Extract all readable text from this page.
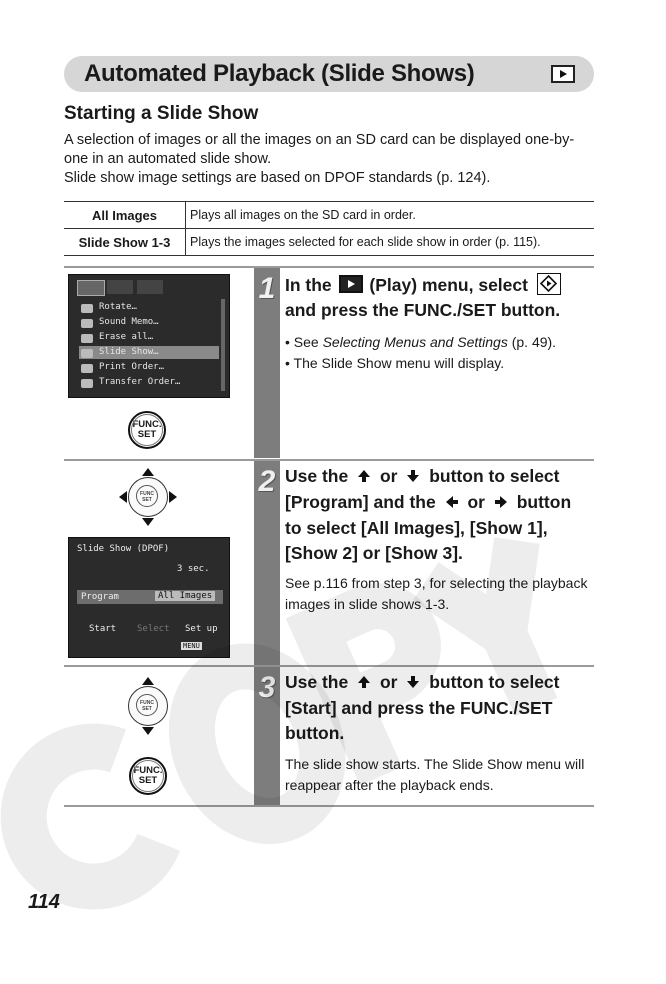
Automated Playback (Slide Shows)
Starting a Slide Show

A selection of images or all the images on an SD card can be displayed one-by-one in an automated slide show.

Slide show image settings are based on DPOF standards (p. 124).

All Images	Plays all images on the SD card in order.
Slide Show 1-3	Plays the images selected for each slide show in order (p. 115).
1
Rotate…
Sound Memo…
Erase all…
Slide Show…
Print Order…
Transfer Order…
FUNC.
SET
In the (Play) menu, select
and press the FUNC./SET button.

• See Selecting Menus and Settings (p. 49).

• The Slide Show menu will display.

2
FUNC
SET
Slide Show (DPOF)
3 sec.
Program	All Images
Start Select Set up
MENU
Use the or button to select
[Program] and the or button
to select [All Images], [Show 1],
[Show 2] or [Show 3].

See p.116 from step 3, for selecting the playback images in slide shows 1-3.

3
FUNC
SET
FUNC.
SET
Use the or button to select
[Start] and press the FUNC./SET
button.

The slide show starts. The Slide Show menu will reappear after the playback ends.

COPY
114
